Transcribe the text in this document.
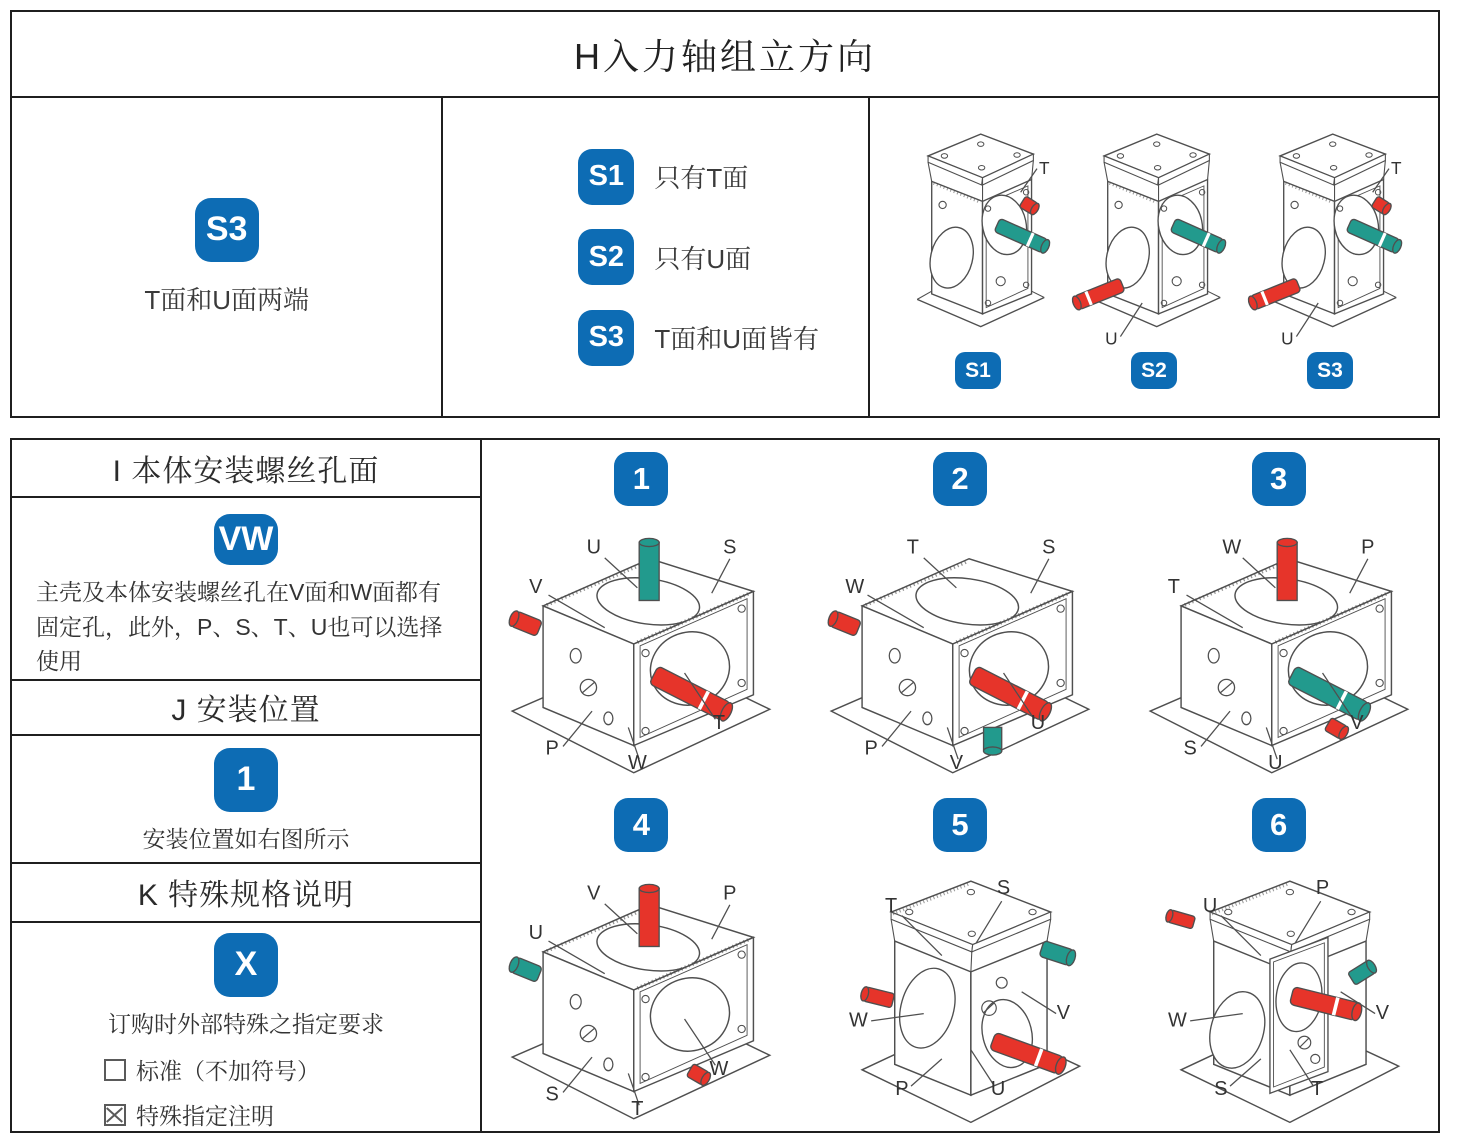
H入力轴组立方向
S3
T面和U面两端
S1	只有T面
S2	只有U面
S3	T面和U面皆有
T
S1
U
S2
T
U
S3
I 本体安装螺丝孔面
VW

主壳及本体安装螺丝孔在V面和W面都有固定孔，此外，P、S、T、U也可以选择使用

J 安装位置
1

安装位置如右图所示

K 特殊规格说明
X

订购时外部特殊之指定要求

标准（不加符号）
特殊指定注明
1
V
U	S
P
W
T
2
W
T	S
P
V
U
3
T
W	P
S
U
V
4
U
V	P
S
T
W
5
T
S
W	V
P	U
6
U
P
W	V
S	T
